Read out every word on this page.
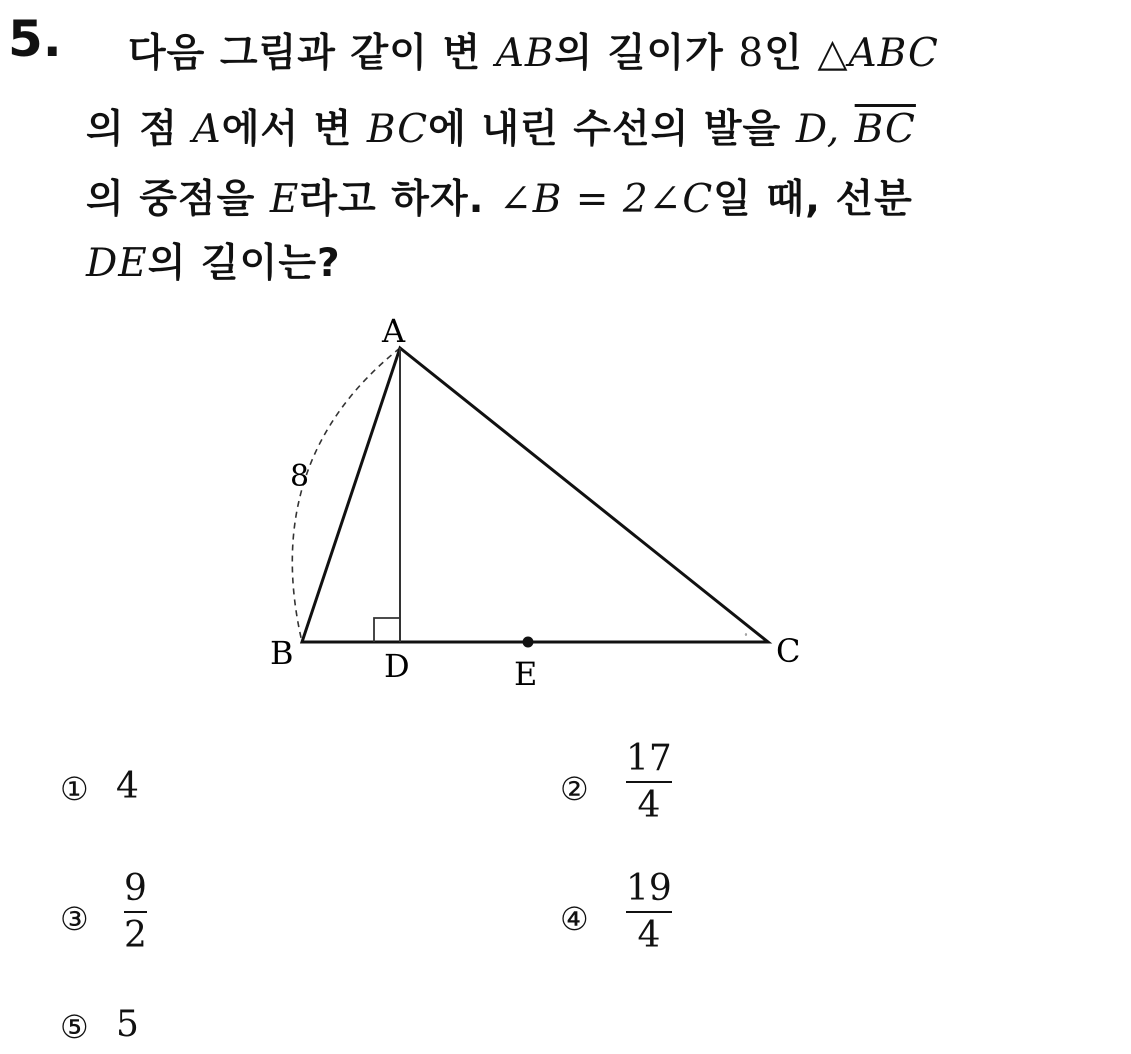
5. 다음 그림과 같이 변 AB의 길이가 8인 △ABC
의 점 A에서 변 BC에 내린 수선의 발을 D, $\overline{BC}$
의 중점을 E라고 하자. ∠B = 2∠C일 때, 선분
DE의 길이는?
∘
A
B	C
D	E
8
① 4	②
17
4
③
9
2	④
19
4
⑤ 5
